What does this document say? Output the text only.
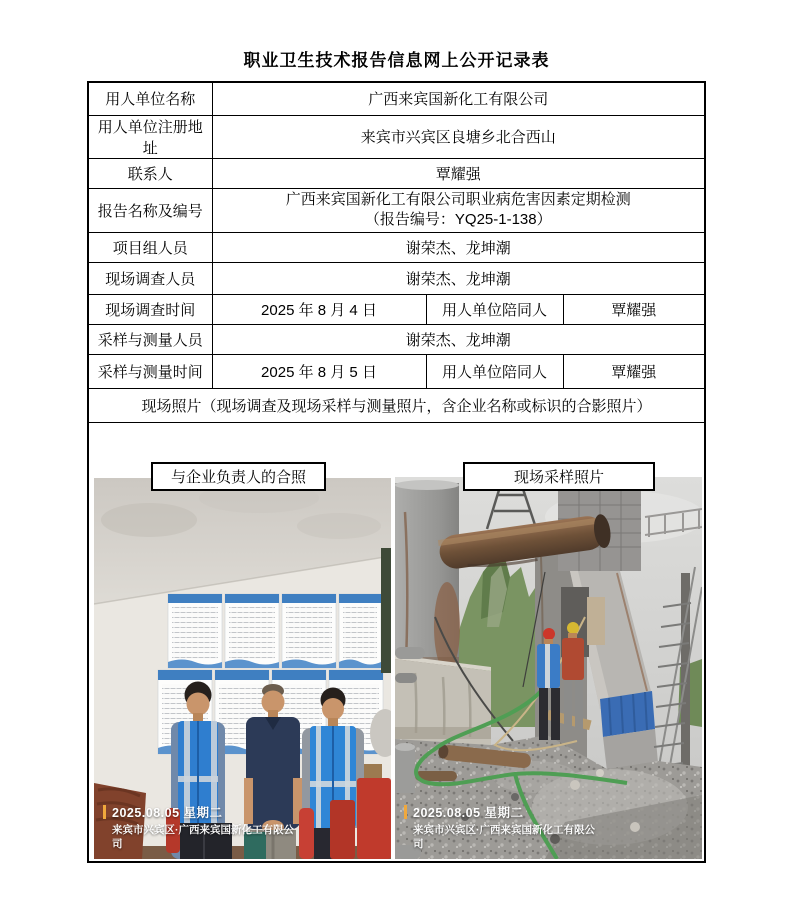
职业卫生技术报告信息网上公开记录表
用人单位名称	广西来宾国新化工有限公司		
用人单位注册地址	来宾市兴宾区良塘乡北合西山		
联系人	覃耀强		
报告名称及编号	广西来宾国新化工有限公司职业病危害因素定期检测
（报告编号：YQ25-1-138）		

项目组人员	谢荣杰、龙坤潮		
现场调查人员	谢荣杰、龙坤潮		
现场调查时间	2025 年 8 月 4 日	用人单位陪同人	覃耀强
采样与测量人员	谢荣杰、龙坤潮		
采样与测量时间	2025 年 8 月 5 日	用人单位陪同人	覃耀强
现场照片（现场调查及现场采样与测量照片，含企业名称或标识的合影照片）			

2025.08.05 星期二
来宾市兴宾区·广西来宾国新化工有限公司
与企业负责人的合照
2025.08.05 星期二
来宾市兴宾区·广西来宾国新化工有限公司
现场采样照片
